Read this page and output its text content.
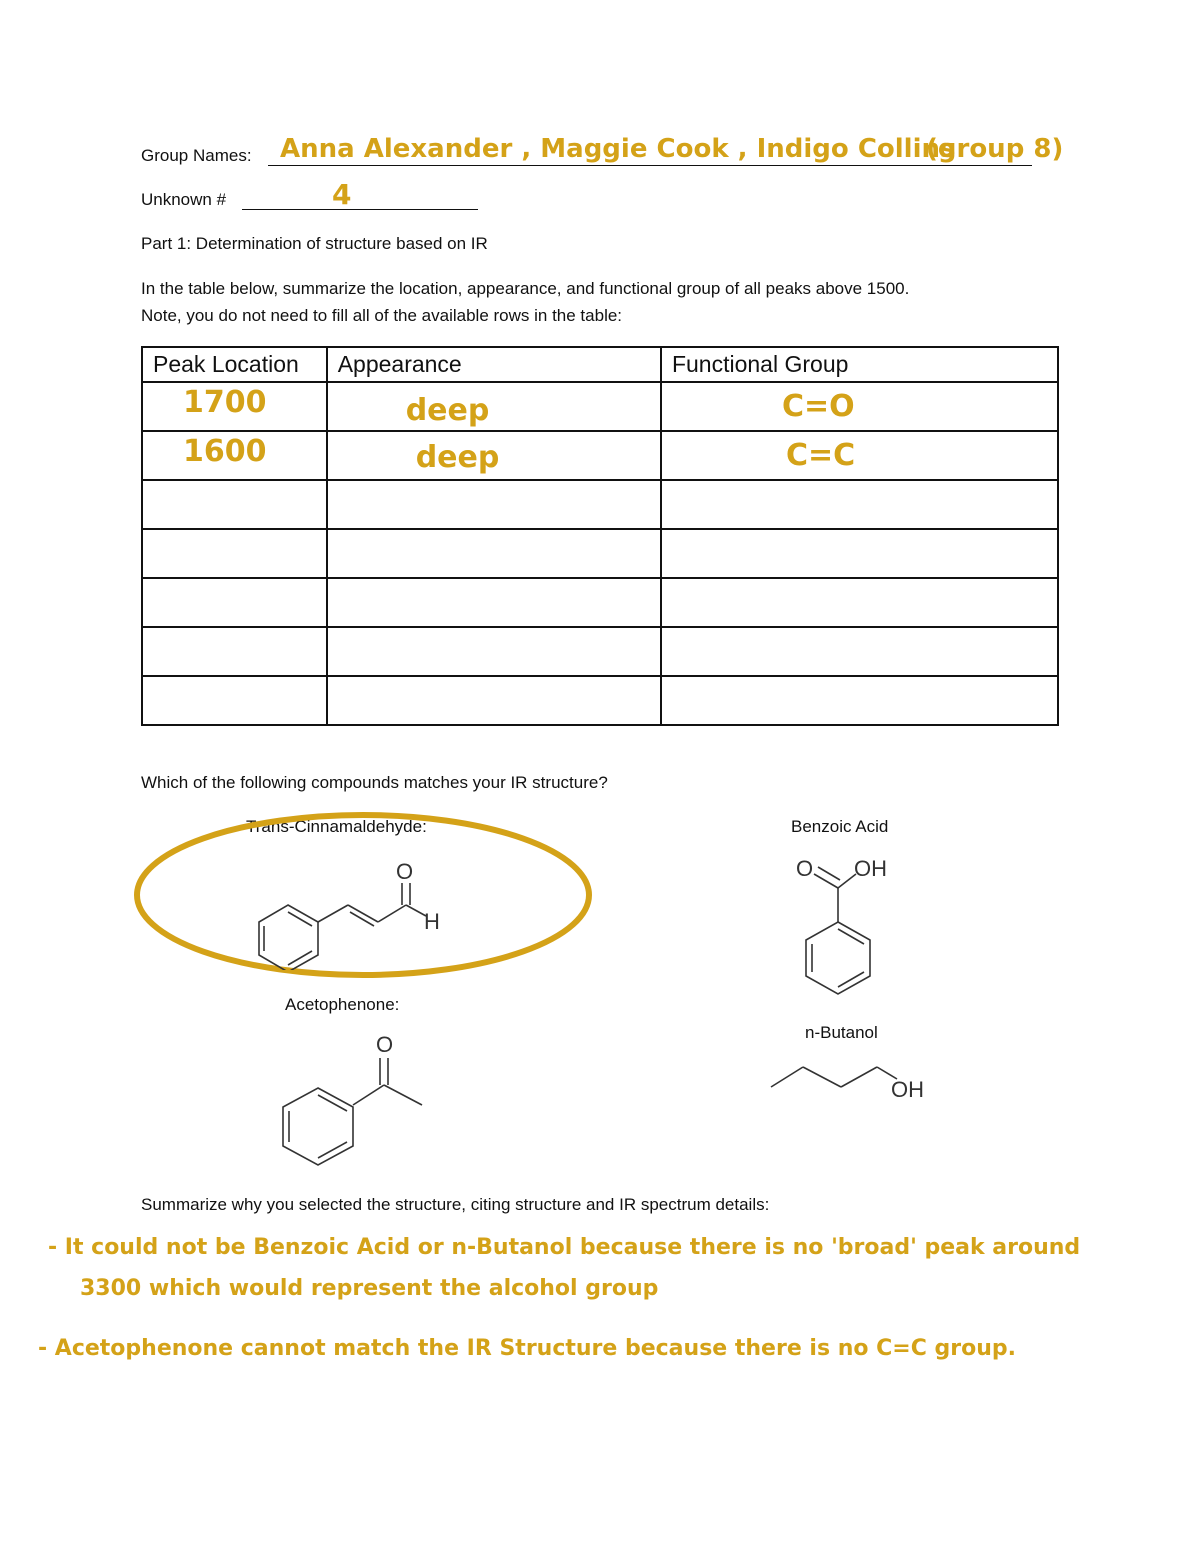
Group Names: Anna Alexander , Maggie Cook , Indigo Collins
(group 8)
Unknown #	4
Part 1: Determination of structure based on IR
In the table below, summarize the location, appearance, and functional group of all peaks above 1500.
Note, you do not need to fill all of the available rows in the table:
Peak Location	Appearance	Functional Group

1700	deep	C=O

1600	deep	C=C

Which of the following compounds matches your IR structure?
Trans-Cinnamaldehyde:	Benzoic Acid
Acetophenone:
n-Butanol
O
H
O OH
O
OH
Summarize why you selected the structure, citing structure and IR spectrum details:
- It could not be Benzoic Acid or n-Butanol because there is no 'broad' peak around
3300 which would represent the alcohol group
- Acetophenone cannot match the IR Structure because there is no C=C group.
